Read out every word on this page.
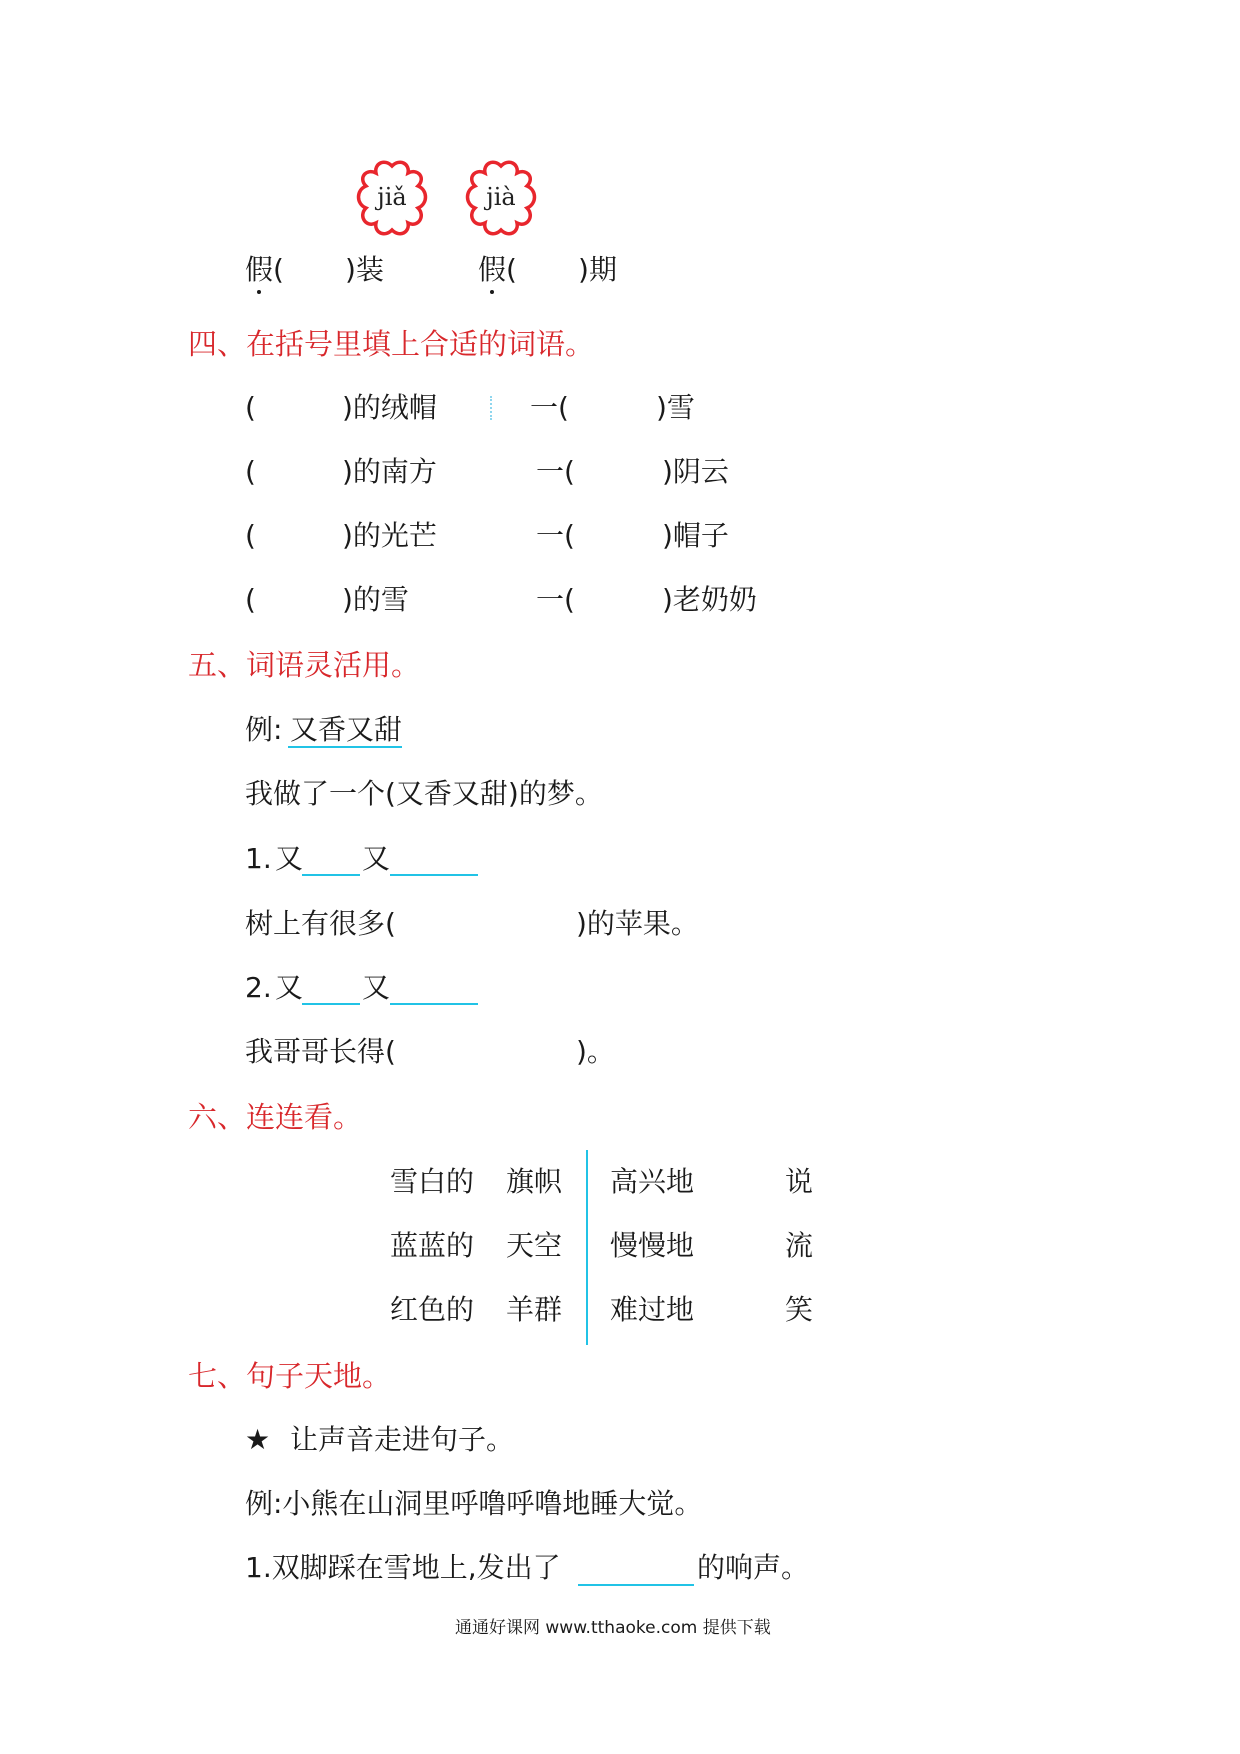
jiǎ	jià
假( )装	假( )期
四、在括号里填上合适的词语。
(	)的绒帽	一(	)雪
(	)的南方	一(	)阴云
(	)的光芒	一(	)帽子
(	)的雪	一(	)老奶奶
五、词语灵活用。
例: 又香又甜
我做了一个(又香又甜)的梦。
1. 又 又
树上有很多(	)的苹果。
2. 又 又
我哥哥长得(	)。
六、连连看。
雪白的 旗帜 高兴地	说
蓝蓝的 天空 慢慢地	流
红色的 羊群 难过地	笑
七、句子天地。
★ 让声音走进句子。
例:小熊在山洞里呼噜呼噜地睡大觉。
1.双脚踩在雪地上,发出了	的响声。
通通好课网 www.tthaoke.com 提供下载
